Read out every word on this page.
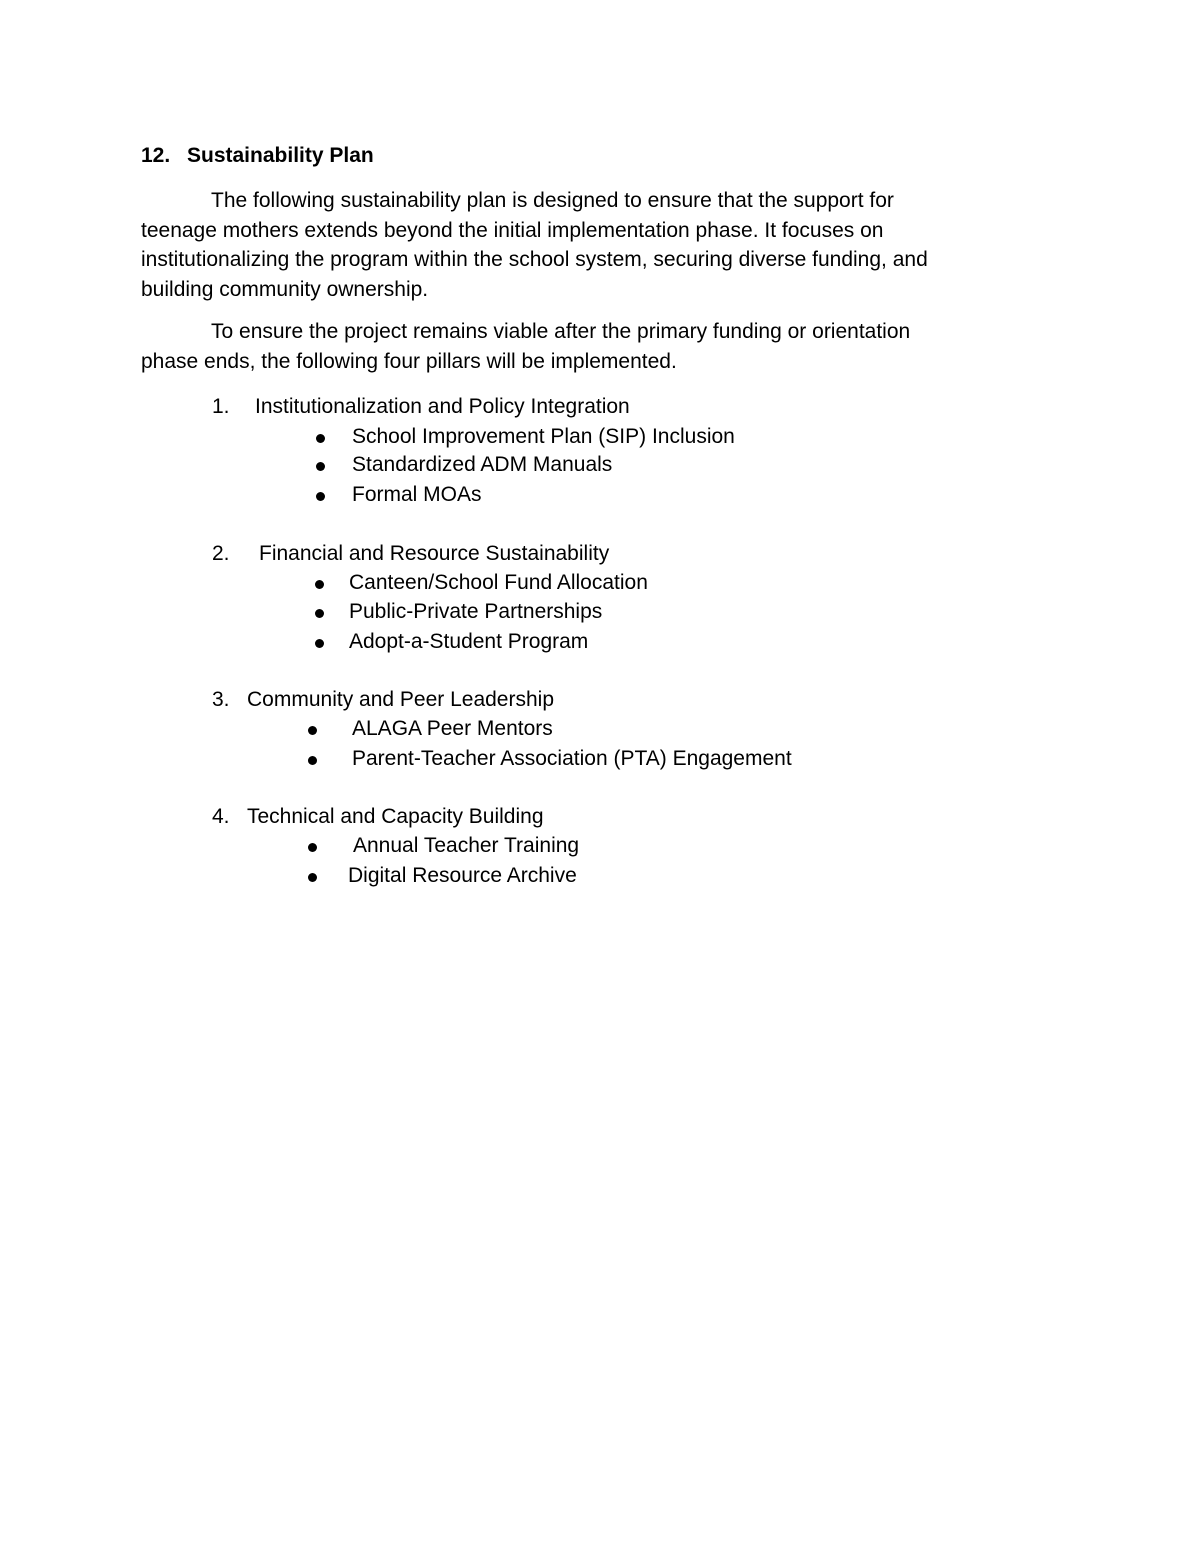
12. Sustainability Plan

The following sustainability plan is designed to ensure that the support for
teenage mothers extends beyond the initial implementation phase. It focuses on
institutionalizing the program within the school system, securing diverse funding, and
building community ownership.

To ensure the project remains viable after the primary funding or orientation
phase ends, the following four pillars will be implemented.

1. Institutionalization and Policy Integration
School Improvement Plan (SIP) Inclusion
Standardized ADM Manuals
Formal MOAs
2. Financial and Resource Sustainability
Canteen/School Fund Allocation
Public-Private Partnerships
Adopt-a-Student Program
3. Community and Peer Leadership
ALAGA Peer Mentors
Parent-Teacher Association (PTA) Engagement
4. Technical and Capacity Building
Annual Teacher Training
Digital Resource Archive
